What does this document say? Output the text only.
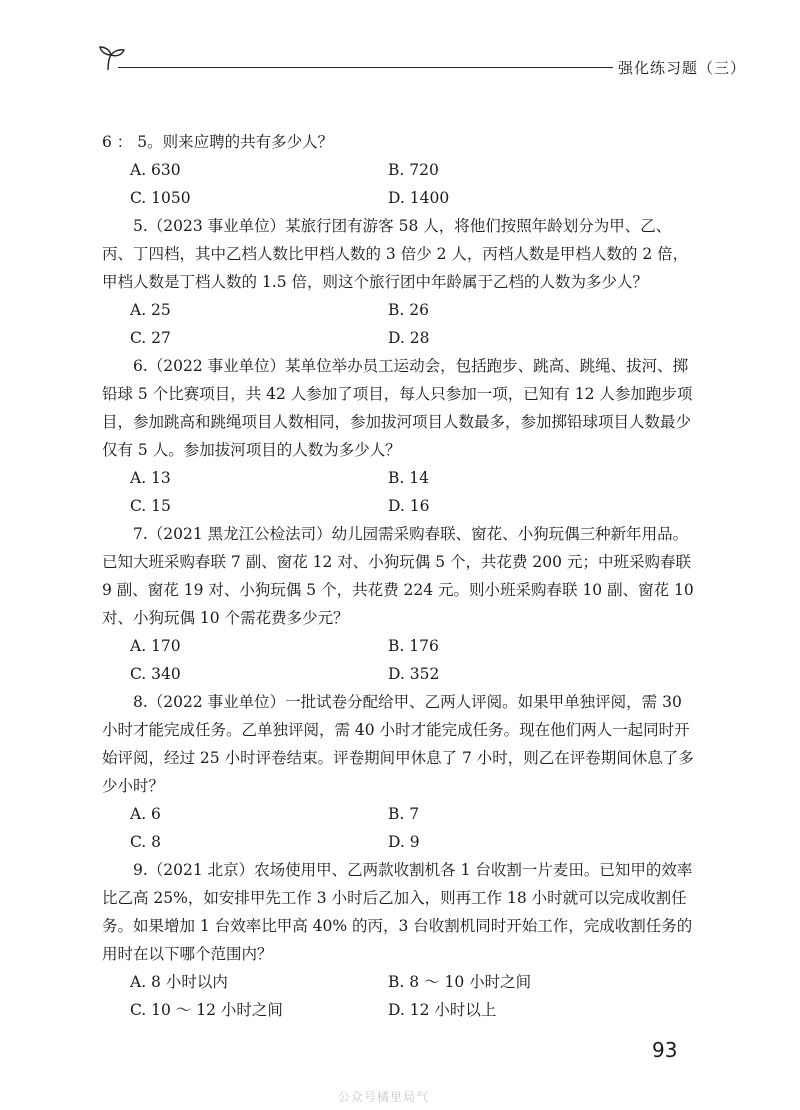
强化练习题（三）
6 ： 5。则来应聘的共有多少人？
A. 630	B. 720
C. 1050	D. 1400
5.（2023 事业单位）某旅行团有游客 58 人，将他们按照年龄划分为甲、乙、丙、丁四档，其中乙档人数比甲档人数的 3 倍少 2 人，丙档人数是甲档人数的 2 倍，甲档人数是丁档人数的 1.5 倍，则这个旅行团中年龄属于乙档的人数为多少人？
A. 25	B. 26
C. 27	D. 28
6.（2022 事业单位）某单位举办员工运动会，包括跑步、跳高、跳绳、拔河、掷铅球 5 个比赛项目，共 42 人参加了项目，每人只参加一项，已知有 12 人参加跑步项目，参加跳高和跳绳项目人数相同，参加拔河项目人数最多，参加掷铅球项目人数最少仅有 5 人。参加拔河项目的人数为多少人？
A. 13	B. 14
C. 15	D. 16
7.（2021 黑龙江公检法司）幼儿园需采购春联、窗花、小狗玩偶三种新年用品。已知大班采购春联 7 副、窗花 12 对、小狗玩偶 5 个，共花费 200 元；中班采购春联 9 副、窗花 19 对、小狗玩偶 5 个，共花费 224 元。则小班采购春联 10 副、窗花 10 对、小狗玩偶 10 个需花费多少元？
A. 170	B. 176
C. 340	D. 352
8.（2022 事业单位）一批试卷分配给甲、乙两人评阅。如果甲单独评阅，需 30 小时才能完成任务。乙单独评阅，需 40 小时才能完成任务。现在他们两人一起同时开始评阅，经过 25 小时评卷结束。评卷期间甲休息了 7 小时，则乙在评卷期间休息了多少小时？
A. 6	B. 7
C. 8	D. 9
9.（2021 北京）农场使用甲、乙两款收割机各 1 台收割一片麦田。已知甲的效率比乙高 25%，如安排甲先工作 3 小时后乙加入，则再工作 18 小时就可以完成收割任务。如果增加 1 台效率比甲高 40% 的丙，3 台收割机同时开始工作，完成收割任务的用时在以下哪个范围内？
A. 8 小时以内	B. 8 ～ 10 小时之间
C. 10 ～ 12 小时之间	D. 12 小时以上
93
公众号橘里局气
